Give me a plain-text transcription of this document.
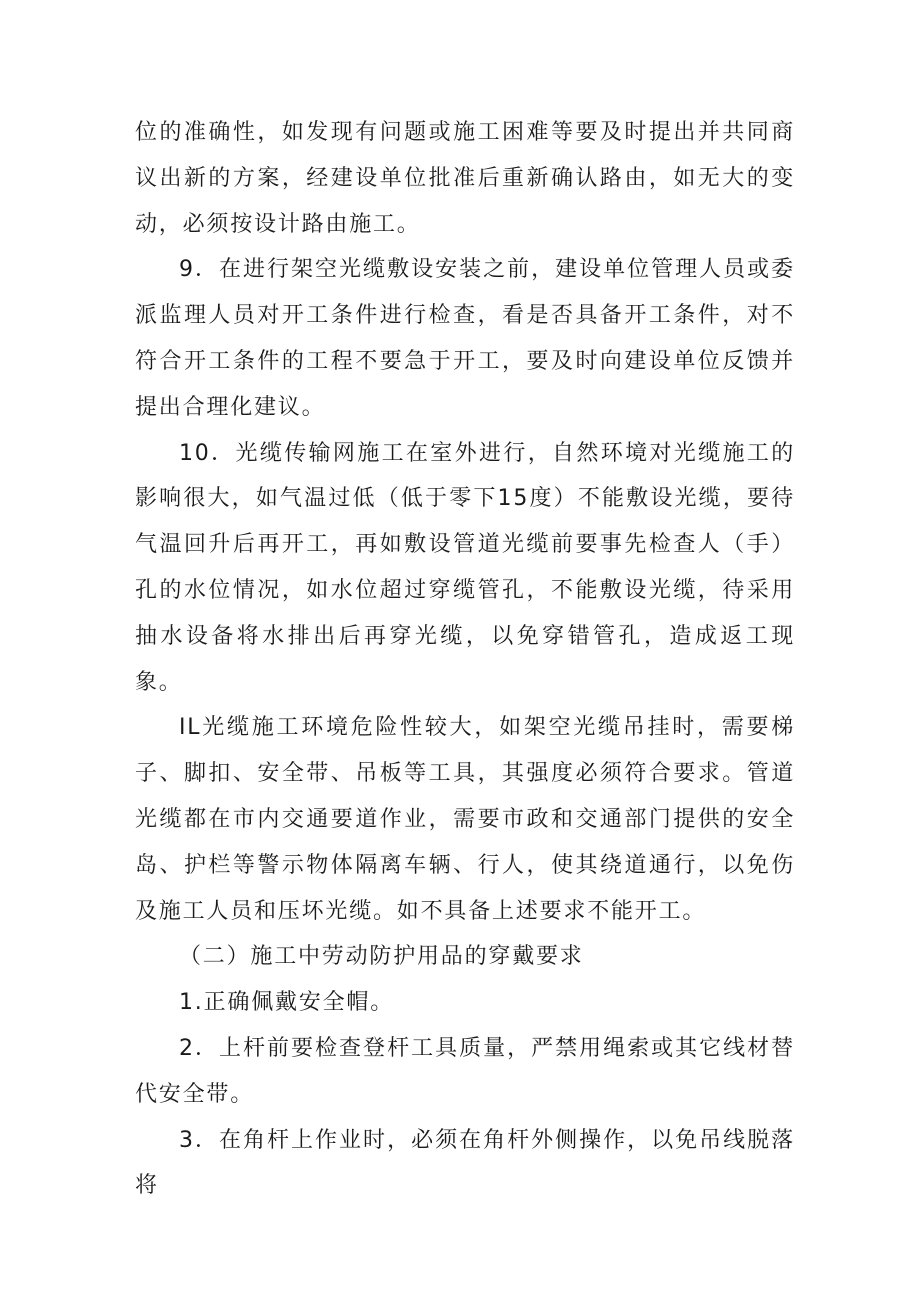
位的准确性，如发现有问题或施工困难等要及时提出并共同商议出新的方案，经建设单位批准后重新确认路由，如无大的变动，必须按设计路由施工。

9．在进行架空光缆敷设安装之前，建设单位管理人员或委派监理人员对开工条件进行检查，看是否具备开工条件，对不符合开工条件的工程不要急于开工，要及时向建设单位反馈并提出合理化建议。

10．光缆传输网施工在室外进行，自然环境对光缆施工的影响很大，如气温过低（低于零下15度）不能敷设光缆，要待气温回升后再开工，再如敷设管道光缆前要事先检查人（手）孔的水位情况，如水位超过穿缆管孔，不能敷设光缆，待采用抽水设备将水排出后再穿光缆，以免穿错管孔，造成返工现象。

IL光缆施工环境危险性较大，如架空光缆吊挂时，需要梯子、脚扣、安全带、吊板等工具，其强度必须符合要求。管道光缆都在市内交通要道作业，需要市政和交通部门提供的安全岛、护栏等警示物体隔离车辆、行人，使其绕道通行，以免伤及施工人员和压坏光缆。如不具备上述要求不能开工。

（二）施工中劳动防护用品的穿戴要求

1.正确佩戴安全帽。

2．上杆前要检查登杆工具质量，严禁用绳索或其它线材替代安全带。

3．在角杆上作业时，必须在角杆外侧操作，以免吊线脱落将
